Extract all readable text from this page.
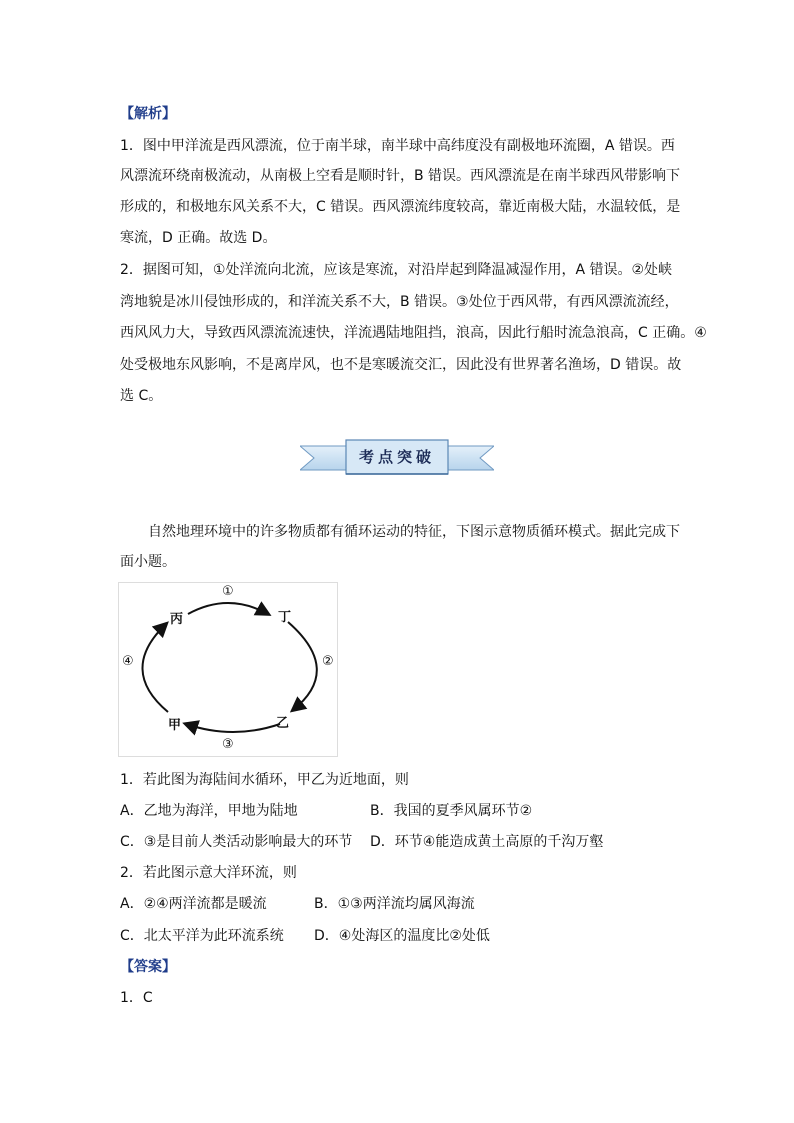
【解析】
1．图中甲洋流是西风漂流，位于南半球，南半球中高纬度没有副极地环流圈，A 错误。西
风漂流环绕南极流动，从南极上空看是顺时针，B 错误。西风漂流是在南半球西风带影响下
形成的，和极地东风关系不大，C 错误。西风漂流纬度较高，靠近南极大陆，水温较低，是
寒流，D 正确。故选 D。
2．据图可知，①处洋流向北流，应该是寒流，对沿岸起到降温减湿作用，A 错误。②处峡
湾地貌是冰川侵蚀形成的，和洋流关系不大，B 错误。③处位于西风带，有西风漂流流经，
西风风力大，导致西风漂流流速快，洋流遇陆地阻挡，浪高，因此行船时流急浪高，C 正确。④
处受极地东风影响，不是离岸风，也不是寒暖流交汇，因此没有世界著名渔场，D 错误。故
选 C。
考点突破
自然地理环境中的许多物质都有循环运动的特征，下图示意物质循环模式。据此完成下
面小题。
丙	丁
乙
甲
①
②
③
④
1．若此图为海陆间水循环，甲乙为近地面，则
A．乙地为海洋，甲地为陆地	B．我国的夏季风属环节②
C．③是目前人类活动影响最大的环节 D．环节④能造成黄土高原的千沟万壑
2．若此图示意大洋环流，则
A．②④两洋流都是暖流	B．①③两洋流均属风海流
C．北太平洋为此环流系统 D．④处海区的温度比②处低
【答案】
1．C
